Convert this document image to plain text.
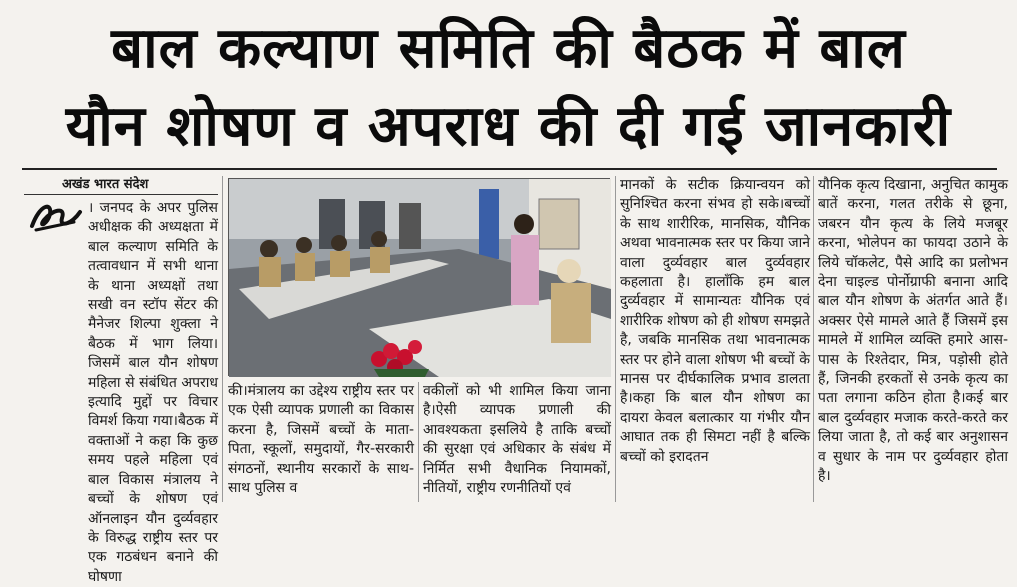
बाल कल्याण समिति की बैठक में बाल
यौन शोषण व अपराध की दी गई जानकारी
अखंड भारत संदेश

। जनपद के अपर पुलिस अधीक्षक की अध्यक्षता में बाल कल्याण समिति के तत्वावधान में सभी थाना के थाना अध्यक्षों तथा सखी वन स्टॉप सेंटर की मैनेजर शिल्पा शुक्ला ने बैठक में भाग लिया। जिसमें बाल यौन शोषण महिला से संबंधित अपराध इत्यादि मुद्दों पर विचार विमर्श किया गया।बैठक में वक्ताओं ने कहा कि कुछ समय पहले महिला एवं बाल विकास मंत्रालय ने बच्चों के शोषण एवं ऑनलाइन यौन दुर्व्यवहार के विरुद्ध राष्ट्रीय स्तर पर एक गठबंधन बनाने की घोषणा

की।मंत्रालय का उद्देश्य राष्ट्रीय स्तर पर एक ऐसी व्यापक प्रणाली का विकास करना है, जिसमें बच्चों के माता-पिता, स्कूलों, समुदायों, गैर-सरकारी संगठनों, स्थानीय सरकारों के साथ-साथ पुलिस व

वकीलों को भी शामिल किया जाना है।ऐसी व्यापक प्रणाली की आवश्यकता इसलिये है ताकि बच्चों की सुरक्षा एवं अधिकार के संबंध में निर्मित सभी वैधानिक नियामकों, नीतियों, राष्ट्रीय रणनीतियों एवं

मानकों के सटीक क्रियान्वयन को सुनिश्चित करना संभव हो सके।बच्चों के साथ शारीरिक, मानसिक, यौनिक अथवा भावनात्मक स्तर पर किया जाने वाला दुर्व्यवहार बाल दुर्व्यवहार कहलाता है। हालाँकि हम बाल दुर्व्यवहार में सामान्यतः यौनिक एवं शारीरिक शोषण को ही शोषण समझते है, जबकि मानसिक तथा भावनात्मक स्तर पर होने वाला शोषण भी बच्चों के मानस पर दीर्घकालिक प्रभाव डालता है।कहा कि बाल यौन शोषण का दायरा केवल बलात्कार या गंभीर यौन आघात तक ही सिमटा नहीं है बल्कि बच्चों को इरादतन

यौनिक कृत्य दिखाना, अनुचित कामुक बातें करना, गलत तरीके से छूना, जबरन यौन कृत्य के लिये मजबूर करना, भोलेपन का फायदा उठाने के लिये चॉकलेट, पैसे आदि का प्रलोभन देना चाइल्ड पोर्नोग्राफी बनाना आदि बाल यौन शोषण के अंतर्गत आते हैं।अक्सर ऐसे मामले आते हैं जिसमें इस मामले में शामिल व्यक्ति हमारे आस-पास के रिश्तेदार, मित्र, पड़ोसी होते हैं, जिनकी हरकतों से उनके कृत्य का पता लगाना कठिन होता है।कई बार बाल दुर्व्यवहार मजाक करते-करते कर लिया जाता है, तो कई बार अनुशासन व सुधार के नाम पर दुर्व्यवहार होता है।
